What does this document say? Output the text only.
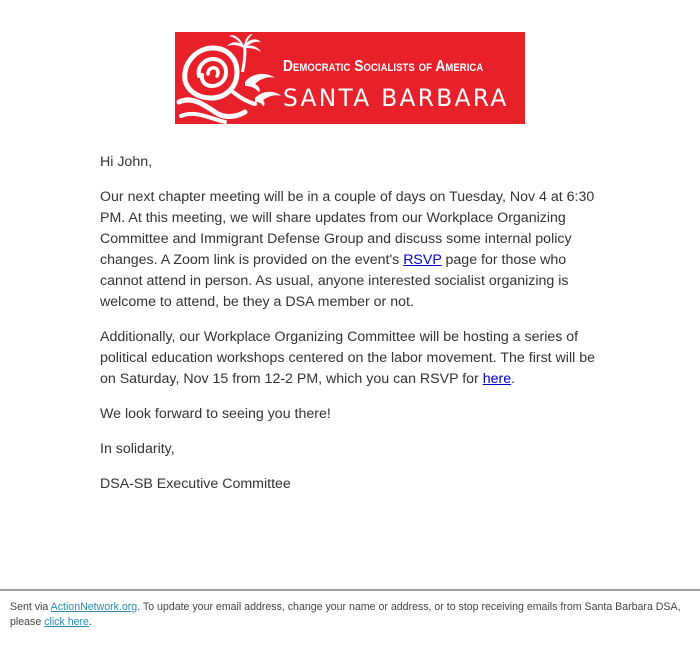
Democratic Socialists of America
SANTA BARBARA

Hi John,

Our next chapter meeting will be in a couple of days on Tuesday, Nov 4 at 6:30 PM. At this meeting, we will share updates from our Workplace Organizing Committee and Immigrant Defense Group and discuss some internal policy changes. A Zoom link is provided on the event's RSVP page for those who cannot attend in person. As usual, anyone interested socialist organizing is welcome to attend, be they a DSA member or not.

Additionally, our Workplace Organizing Committee will be hosting a series of political education workshops centered on the labor movement. The first will be on Saturday, Nov 15 from 12-2 PM, which you can RSVP for here.

We look forward to seeing you there!

In solidarity,

DSA-SB Executive Committee

Sent via ActionNetwork.org. To update your email address, change your name or address, or to stop receiving emails from Santa Barbara DSA, please click here.
